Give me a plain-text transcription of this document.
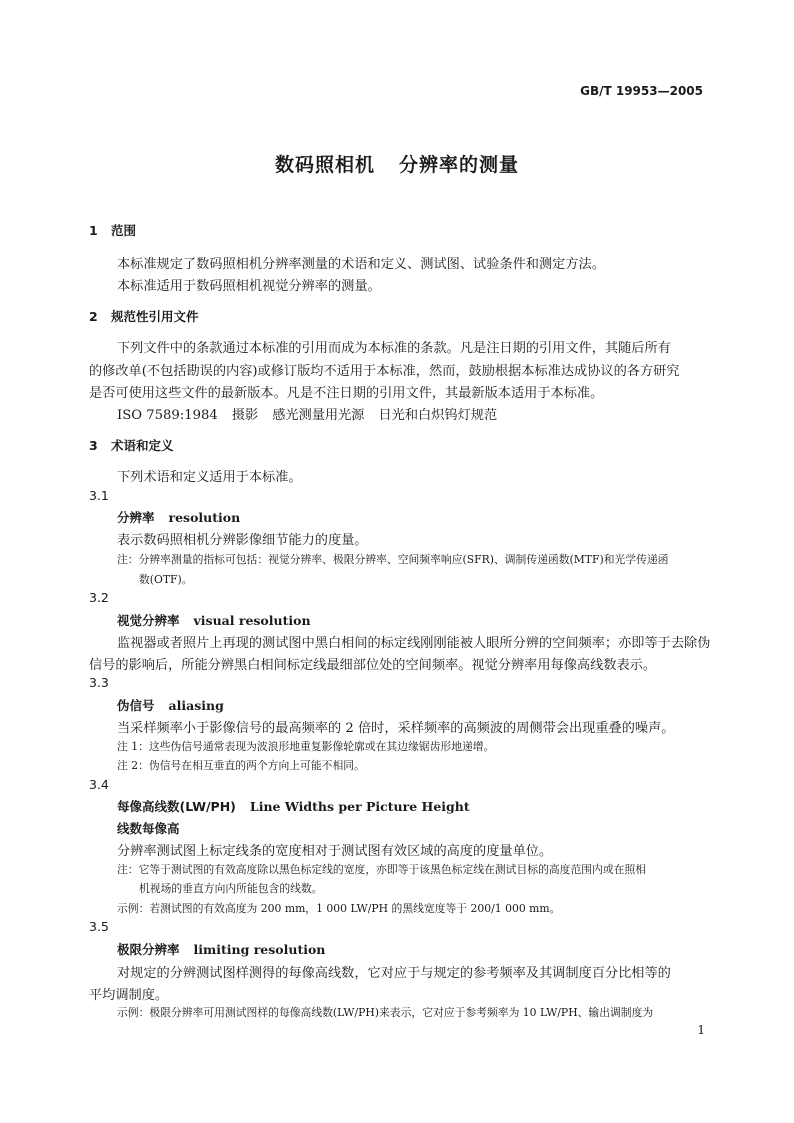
GB/T 19953—2005
数码照相机 分辨率的测量
1 范围
本标准规定了数码照相机分辨率测量的术语和定义、测试图、试验条件和测定方法。
本标准适用于数码照相机视觉分辨率的测量。
2 规范性引用文件
下列文件中的条款通过本标准的引用而成为本标准的条款。凡是注日期的引用文件，其随后所有
的修改单(不包括勘误的内容)或修订版均不适用于本标准，然而，鼓励根据本标准达成协议的各方研究
是否可使用这些文件的最新版本。凡是不注日期的引用文件，其最新版本适用于本标准。
ISO 7589:1984 摄影 感光测量用光源 日光和白炽钨灯规范
3 术语和定义
下列术语和定义适用于本标准。
3.1
分辨率 resolution
表示数码照相机分辨影像细节能力的度量。
注：分辨率测量的指标可包括：视觉分辨率、极限分辨率、空间频率响应(SFR)、调制传递函数(MTF)和光学传递函
数(OTF)。
3.2
视觉分辨率 visual resolution
监视器或者照片上再现的测试图中黑白相间的标定线刚刚能被人眼所分辨的空间频率；亦即等于去除伪
信号的影响后，所能分辨黑白相间标定线最细部位处的空间频率。视觉分辨率用每像高线数表示。
3.3
伪信号 aliasing
当采样频率小于影像信号的最高频率的 2 倍时，采样频率的高频波的周侧带会出现重叠的噪声。
注 1：这些伪信号通常表现为波浪形地重复影像轮廓或在其边缘锯齿形地递增。
注 2：伪信号在相互垂直的两个方向上可能不相同。
3.4
每像高线数(LW/PH) Line Widths per Picture Height
线数每像高
分辨率测试图上标定线条的宽度相对于测试图有效区域的高度的度量单位。
注：它等于测试图的有效高度除以黑色标定线的宽度，亦即等于该黑色标定线在测试目标的高度范围内或在照相
机视场的垂直方向内所能包含的线数。
示例：若测试图的有效高度为 200 mm，1 000 LW/PH 的黑线宽度等于 200/1 000 mm。
3.5
极限分辨率 limiting resolution
对规定的分辨测试图样测得的每像高线数，它对应于与规定的参考频率及其调制度百分比相等的
平均调制度。
示例：极限分辨率可用测试图样的每像高线数(LW/PH)来表示，它对应于参考频率为 10 LW/PH、输出调制度为
1
